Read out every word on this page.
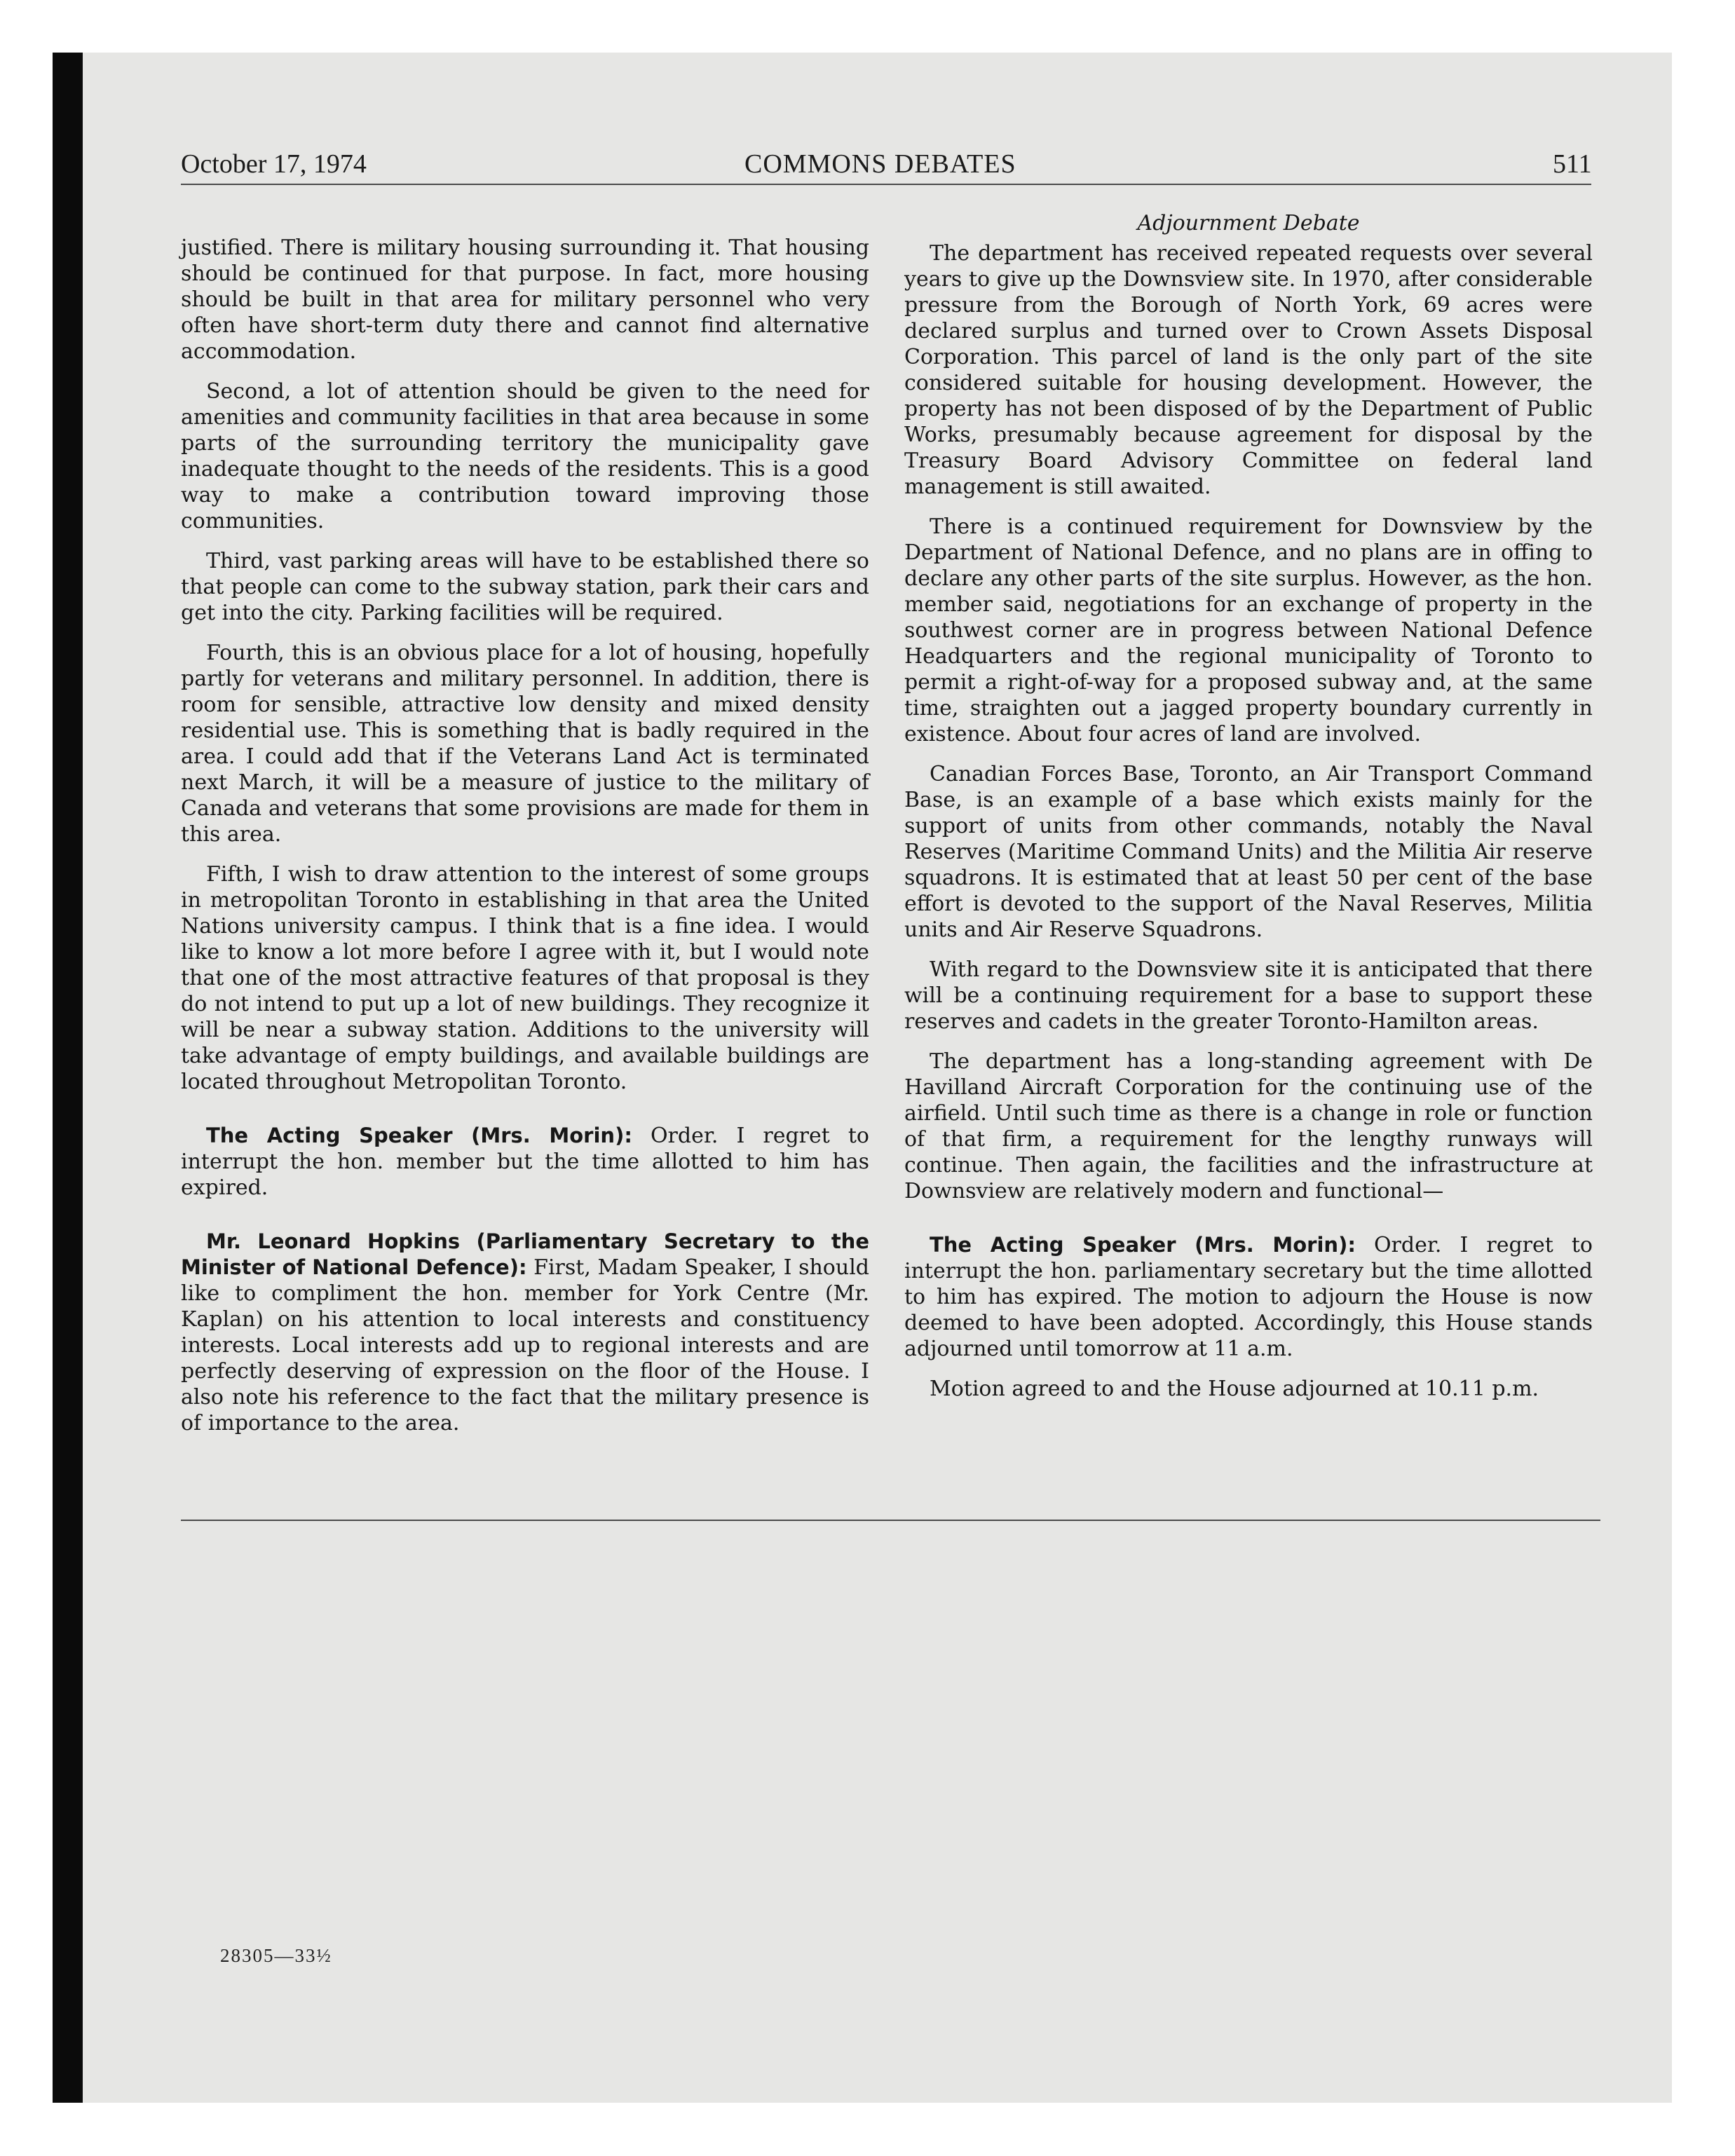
October 17, 1974	COMMONS DEBATES	511

justified. There is military housing surrounding it. That housing should be continued for that purpose. In fact, more housing should be built in that area for military personnel who very often have short-term duty there and cannot find alternative accommodation.

Second, a lot of attention should be given to the need for amenities and community facilities in that area because in some parts of the surrounding territory the municipality gave inadequate thought to the needs of the residents. This is a good way to make a contribution toward improving those communities.

Third, vast parking areas will have to be established there so that people can come to the subway station, park their cars and get into the city. Parking facilities will be required.

Fourth, this is an obvious place for a lot of housing, hopefully partly for veterans and military personnel. In addition, there is room for sensible, attractive low density and mixed density residential use. This is something that is badly required in the area. I could add that if the Veterans Land Act is terminated next March, it will be a measure of justice to the military of Canada and veterans that some provisions are made for them in this area.

Fifth, I wish to draw attention to the interest of some groups in metropolitan Toronto in establishing in that area the United Nations university campus. I think that is a fine idea. I would like to know a lot more before I agree with it, but I would note that one of the most attractive features of that proposal is they do not intend to put up a lot of new buildings. They recognize it will be near a subway station. Additions to the university will take advantage of empty buildings, and available buildings are located throughout Metropolitan Toronto.

The Acting Speaker (Mrs. Morin): Order. I regret to interrupt the hon. member but the time allotted to him has expired.

Mr. Leonard Hopkins (Parliamentary Secretary to the Minister of National Defence): First, Madam Speaker, I should like to compliment the hon. member for York Centre (Mr. Kaplan) on his attention to local interests and constituency interests. Local interests add up to regional interests and are perfectly deserving of expression on the floor of the House. I also note his reference to the fact that the military presence is of importance to the area.

Adjournment Debate

The department has received repeated requests over several years to give up the Downsview site. In 1970, after considerable pressure from the Borough of North York, 69 acres were declared surplus and turned over to Crown Assets Disposal Corporation. This parcel of land is the only part of the site considered suitable for housing development. However, the property has not been disposed of by the Department of Public Works, presumably because agreement for disposal by the Treasury Board Advisory Committee on federal land management is still awaited.

There is a continued requirement for Downsview by the Department of National Defence, and no plans are in offing to declare any other parts of the site surplus. However, as the hon. member said, negotiations for an exchange of property in the southwest corner are in progress between National Defence Headquarters and the regional municipality of Toronto to permit a right-of-way for a proposed subway and, at the same time, straighten out a jagged property boundary currently in existence. About four acres of land are involved.

Canadian Forces Base, Toronto, an Air Transport Command Base, is an example of a base which exists mainly for the support of units from other commands, notably the Naval Reserves (Maritime Command Units) and the Militia Air reserve squadrons. It is estimated that at least 50 per cent of the base effort is devoted to the support of the Naval Reserves, Militia units and Air Reserve Squadrons.

With regard to the Downsview site it is anticipated that there will be a continuing requirement for a base to support these reserves and cadets in the greater Toronto-Hamilton areas.

The department has a long-standing agreement with De Havilland Aircraft Corporation for the continuing use of the airfield. Until such time as there is a change in role or function of that firm, a requirement for the lengthy runways will continue. Then again, the facilities and the infrastructure at Downsview are relatively modern and functional—

The Acting Speaker (Mrs. Morin): Order. I regret to interrupt the hon. parliamentary secretary but the time allotted to him has expired. The motion to adjourn the House is now deemed to have been adopted. Accordingly, this House stands adjourned until tomorrow at 11 a.m.

Motion agreed to and the House adjourned at 10.11 p.m.

28305—33½
